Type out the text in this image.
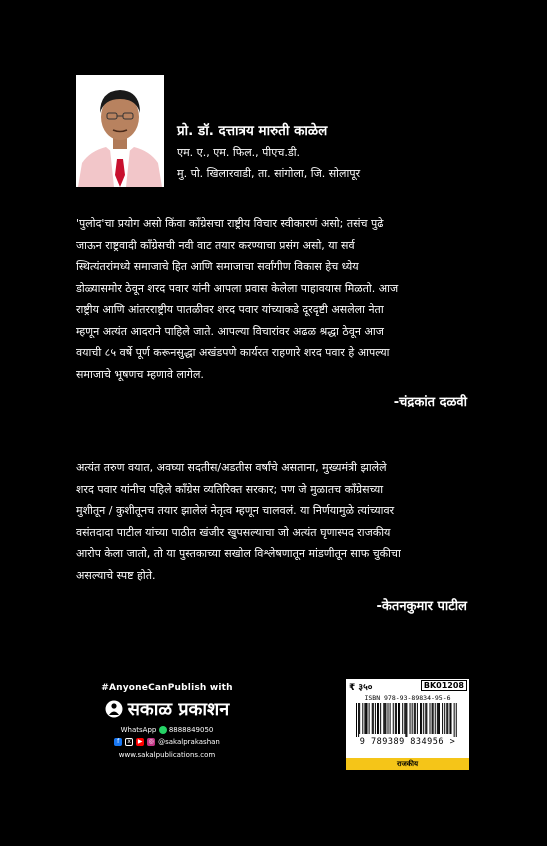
प्रो. डॉ. दत्तात्रय मारुती काळेल
एम. ए., एम. फिल., पीएच.डी.
मु. पो. खिलारवाडी, ता. सांगोला, जि. सोलापूर
'पुलोद'चा प्रयोग असो किंवा काँग्रेसचा राष्ट्रीय विचार स्वीकारणं असो; तसंच पुढे
जाऊन राष्ट्रवादी काँग्रेसची नवी वाट तयार करण्याचा प्रसंग असो, या सर्व
स्थित्यंतरांमध्ये समाजाचे हित आणि समाजाचा सर्वांगीण विकास हेच ध्येय
डोळ्यासमोर ठेवून शरद पवार यांनी आपला प्रवास केलेला पाहावयास मिळतो. आज
राष्ट्रीय आणि आंतरराष्ट्रीय पातळीवर शरद पवार यांच्याकडे दूरदृष्टी असलेला नेता
म्हणून अत्यंत आदराने पाहिले जाते. आपल्या विचारांवर अढळ श्रद्धा ठेवून आज
वयाची ८५ वर्षे पूर्ण करूनसुद्धा अखंडपणे कार्यरत राहणारे शरद पवार हे आपल्या
समाजाचे भूषणच म्हणावे लागेल.
-चंद्रकांत दळवी
अत्यंत तरुण वयात, अवघ्या सदतीस/अडतीस वर्षांचे असताना, मुख्यमंत्री झालेले
शरद पवार यांनीच पहिले काँग्रेस व्यतिरिक्त सरकार; पण जे मुळातच काँग्रेसच्या
मुशीतून / कुशीतूनच तयार झालेलं नेतृत्व म्हणून चालवलं. या निर्णयामुळे त्यांच्यावर
वसंतदादा पाटील यांच्या पाठीत खंजीर खुपसल्याचा जो अत्यंत घृणास्पद राजकीय
आरोप केला जातो, तो या पुस्तकाच्या सखोल विश्लेषणातून मांडणीतून साफ चुकीचा
असल्याचे स्पष्ट होते.
-केतनकुमार पाटील
#AnyoneCanPublish with
सकाळ प्रकाशन
WhatsApp 8888849050
f	x	▶ ◎ @sakalprakashan
www.sakalpublications.com
₹ ३५०	BK01208
ISBN 978-93-89834-95-6
9 789389 834956 >
राजकीय
